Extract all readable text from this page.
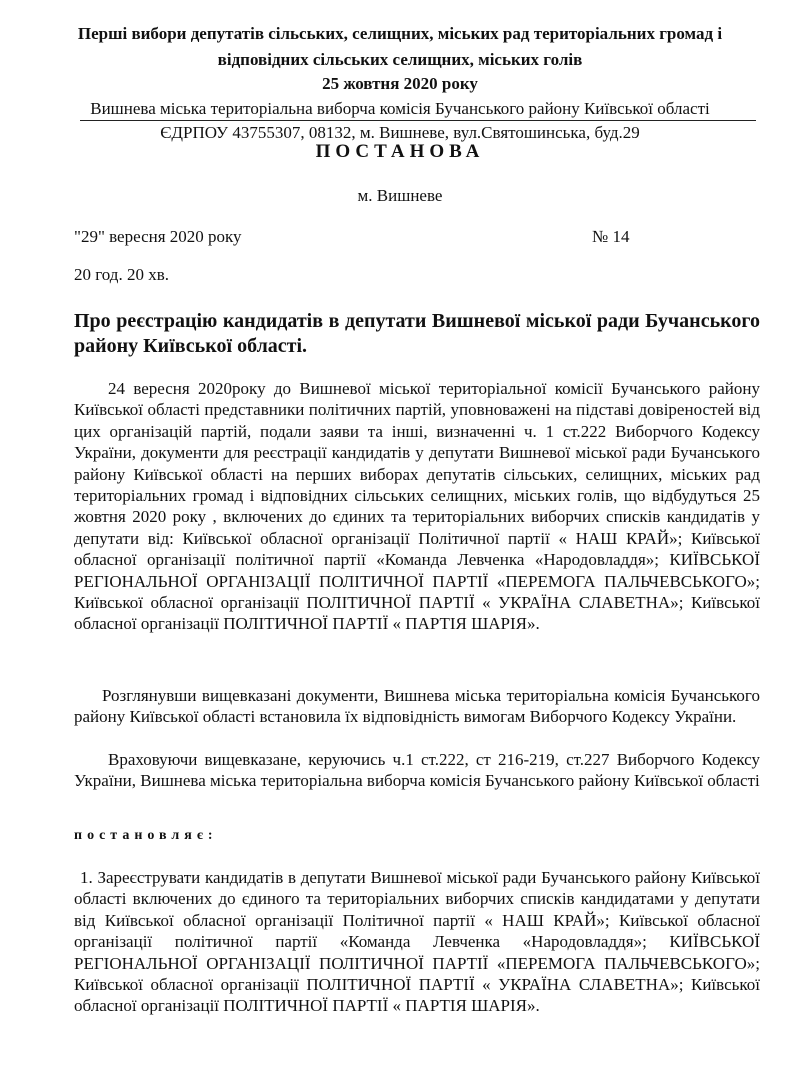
Перші вибори депутатів сільських, селищних, міських рад територіальних громад і
відповідних сільських селищних, міських голів
25 жовтня 2020 року
Вишнева міська територіальна виборча комісія Бучанського району Київської області
ЄДРПОУ 43755307, 08132, м. Вишневе, вул.Святошинська, буд.29
ПОСТАНОВА
м. Вишневе
"29" вересня 2020 року	№ 14
20 год. 20 хв.
Про реєстрацію кандидатів в депутати Вишневої міської ради Бучанського району Київської області.
24 вересня 2020року до Вишневої міської територіальної комісії Бучанського району Київської області представники політичних партій, уповноважені на підставі довіреностей від цих організацій партій, подали заяви та інші, визначенні ч. 1 ст.222 Виборчого Кодексу України, документи для реєстрації кандидатів у депутати Вишневої міської ради Бучанського району Київської області на перших виборах депутатів сільських, селищних, міських рад територіальних громад і відповідних сільських селищних, міських голів, що відбудуться 25 жовтня 2020 року , включених до єдиних та територіальних виборчих списків кандидатів у депутати від: Київської обласної організації Політичної партії « НАШ КРАЙ»; Київської обласної організації політичної партії «Команда Левченка «Народовладдя»; КИЇВСЬКОЇ РЕГІОНАЛЬНОЇ ОРГАНІЗАЦІЇ ПОЛІТИЧНОЇ ПАРТІЇ «ПЕРЕМОГА ПАЛЬЧЕВСЬКОГО»; Київської обласної організації ПОЛІТИЧНОЇ ПАРТІЇ « УКРАЇНА СЛАВЕТНА»; Київської обласної організації ПОЛІТИЧНОЇ ПАРТІЇ « ПАРТІЯ ШАРІЯ».
Розглянувши вищевказані документи, Вишнева міська територіальна комісія Бучанського району Київської області встановила їх відповідність вимогам Виборчого Кодексу України.
Враховуючи вищевказане, керуючись ч.1 ст.222, ст 216-219, ст.227 Виборчого Кодексу України, Вишнева міська територіальна виборча комісія Бучанського району Київської області
постановляє:
1. Зареєструвати кандидатів в депутати Вишневої міської ради Бучанського району Київської області включених до єдиного та територіальних виборчих списків кандидатами у депутати від Київської обласної організації Політичної партії « НАШ КРАЙ»; Київської обласної організації політичної партії «Команда Левченка «Народовладдя»; КИЇВСЬКОЇ РЕГІОНАЛЬНОЇ ОРГАНІЗАЦІЇ ПОЛІТИЧНОЇ ПАРТІЇ «ПЕРЕМОГА ПАЛЬЧЕВСЬКОГО»; Київської обласної організації ПОЛІТИЧНОЇ ПАРТІЇ « УКРАЇНА СЛАВЕТНА»; Київської обласної організації ПОЛІТИЧНОЇ ПАРТІЇ « ПАРТІЯ ШАРІЯ».
